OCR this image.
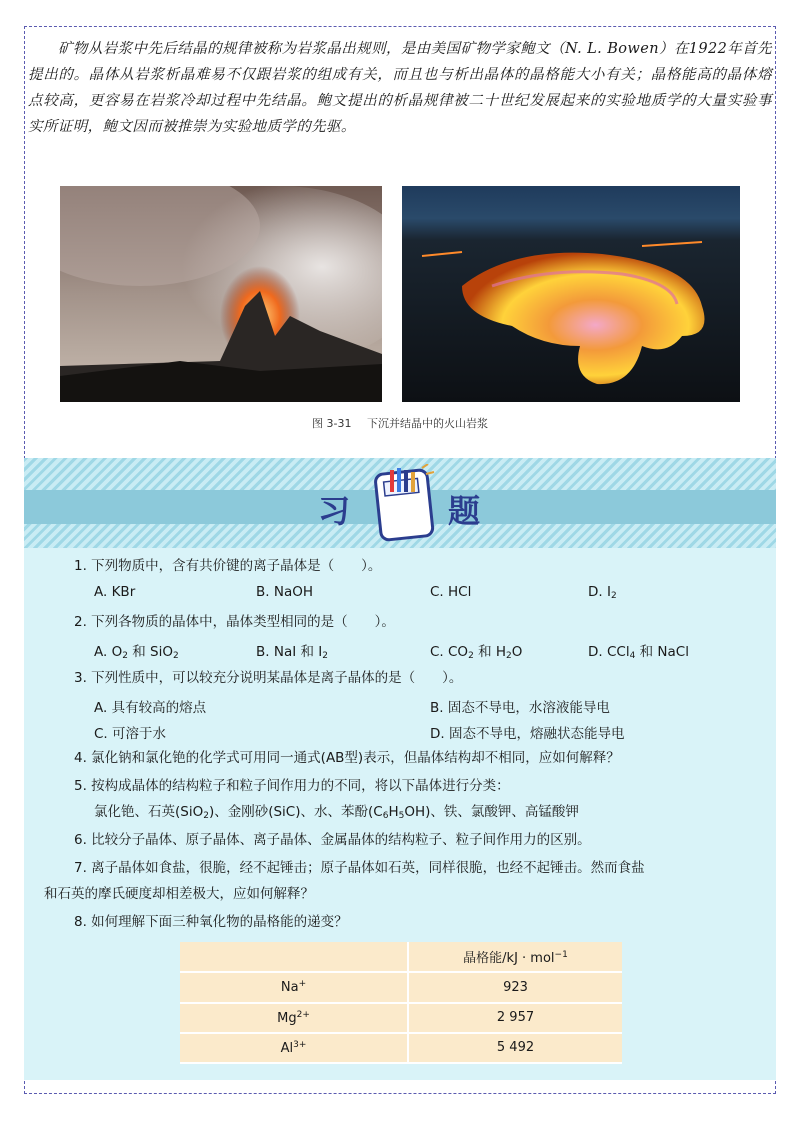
矿物从岩浆中先后结晶的规律被称为岩浆晶出规则，是由美国矿物学家鲍文（N. L. Bowen）在1922年首先提出的。晶体从岩浆析晶难易不仅跟岩浆的组成有关，而且也与析出晶体的晶格能大小有关；晶格能高的晶体熔点较高，更容易在岩浆冷却过程中先结晶。鲍文提出的析晶规律被二十世纪发展起来的实验地质学的大量实验事实所证明，鲍文因而被推崇为实验地质学的先驱。

图 3-31 下沉并结晶中的火山岩浆
习	题
1. 下列物质中，含有共价键的离子晶体是（　　）。
A. KBr	B. NaOH	C. HCl	D. $I_2$
2. 下列各物质的晶体中，晶体类型相同的是（　　）。
A. $O_2$ 和 SiO$_2$	B. NaI 和 $I_2$	C. $CO_2$ 和 $H_2O$	D. CCl$_4$ 和 NaCl
3. 下列性质中，可以较充分说明某晶体是离子晶体的是（　　）。
A. 具有较高的熔点	B. 固态不导电，水溶液能导电
C. 可溶于水	D. 固态不导电，熔融状态能导电
4. 氯化钠和氯化铯的化学式可用同一通式(AB型)表示，但晶体结构却不相同，应如何解释？
5. 按构成晶体的结构粒子和粒子间作用力的不同，将以下晶体进行分类：
氯化铯、石英(SiO$_2$)、金刚砂(SiC)、水、苯酚$(C_6H_5OH)$、铁、氯酸钾、高锰酸钾
6. 比较分子晶体、原子晶体、离子晶体、金属晶体的结构粒子、粒子间作用力的区别。
7. 离子晶体如食盐，很脆，经不起锤击；原子晶体如石英，同样很脆，也经不起锤击。然而食盐
和石英的摩氏硬度却相差极大，应如何解释？
8. 如何理解下面三种氧化物的晶格能的递变？
	晶格能/kJ · mol$^{-1}$
Na+	923
$Mg^{2+}$	2 957
$Al^{3+}$	5 492
